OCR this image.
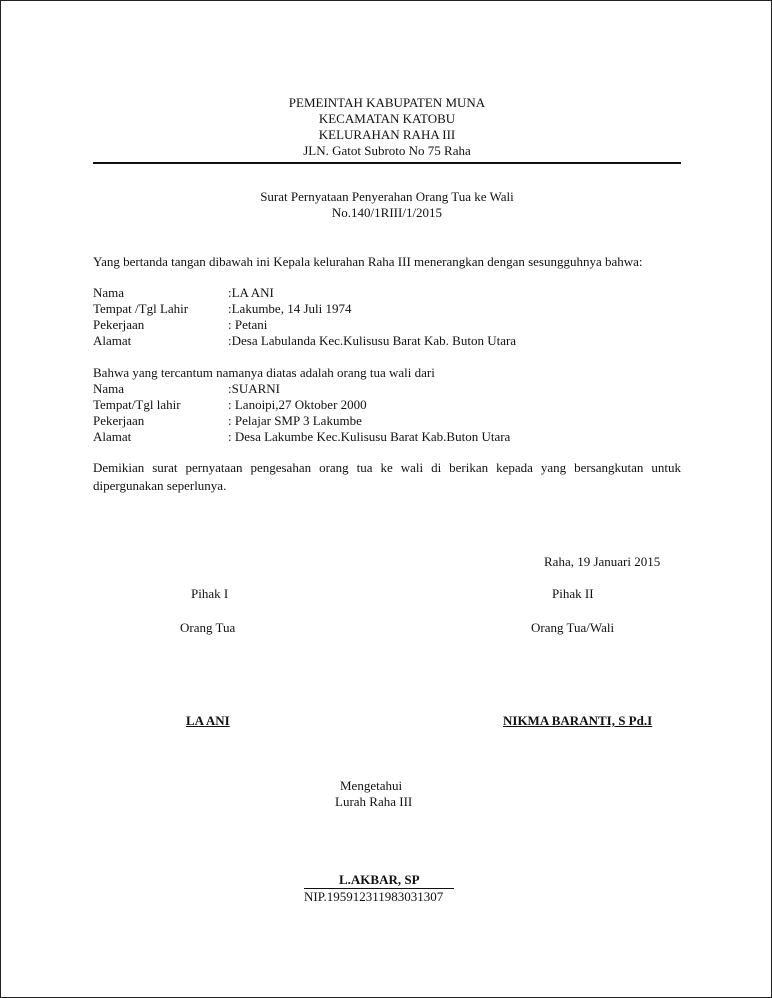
PEMEINTAH KABUPATEN MUNA
KECAMATAN KATOBU
KELURAHAN RAHA III
JLN. Gatot Subroto No 75 Raha
Surat Pernyataan Penyerahan Orang Tua ke Wali
No.140/1RIII/1/2015
Yang bertanda tangan dibawah ini Kepala kelurahan Raha III menerangkan dengan sesungguhnya bahwa:
Nama	:LA ANI
Tempat /Tgl Lahir	:Lakumbe, 14 Juli 1974
Pekerjaan	: Petani
Alamat	:Desa Labulanda Kec.Kulisusu Barat Kab. Buton Utara
Bahwa yang tercantum namanya diatas adalah orang tua wali dari
Nama	:SUARNI
Tempat/Tgl lahir	: Lanoipi,27 Oktober 2000
Pekerjaan	: Pelajar SMP 3 Lakumbe
Alamat	: Desa Lakumbe Kec.Kulisusu Barat Kab.Buton Utara
Demikian surat pernyataan pengesahan orang tua ke wali di berikan kepada yang bersangkutan untuk dipergunakan seperlunya.
Raha, 19 Januari 2015
Pihak I	Pihak II
Orang Tua	Orang Tua/Wali
LA ANI	NIKMA BARANTI, S Pd.I
Mengetahui
Lurah Raha III
L.AKBAR, SP
NIP.195912311983031307
